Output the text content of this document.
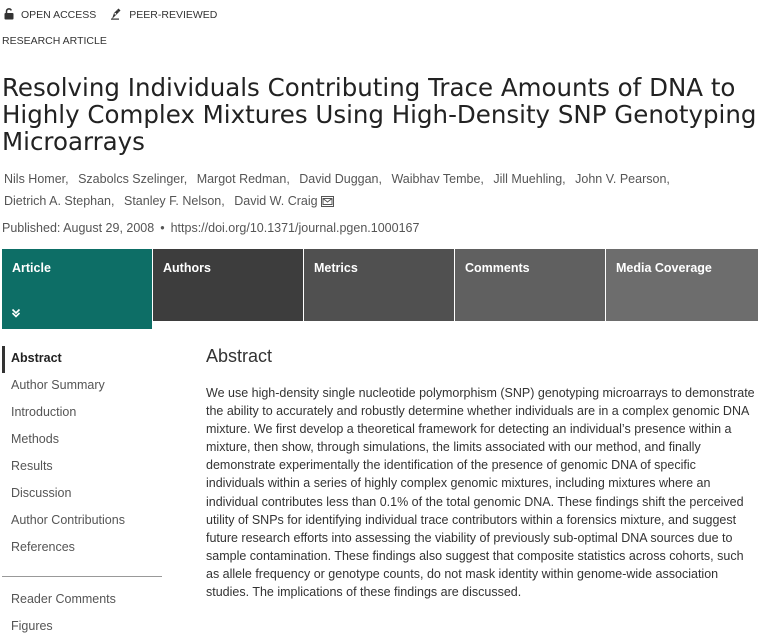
OPEN ACCESS	PEER-REVIEWED
RESEARCH ARTICLE
Resolving Individuals Contributing Trace Amounts of DNA to Highly Complex Mixtures Using High-Density SNP Genotyping Microarrays
Nils Homer, Szabolcs Szelinger, Margot Redman, David Duggan, Waibhav Tembe, Jill Muehling, John V. Pearson,
Dietrich A. Stephan, Stanley F. Nelson, David W. Craig
Published: August 29, 2008 • https://doi.org/10.1371/journal.pgen.1000167
Article	Authors	Metrics	Comments	Media Coverage
Abstract
Author Summary
Introduction
Methods
Results
Discussion
Author Contributions
References
Reader Comments
Figures
Abstract

We use high-density single nucleotide polymorphism (SNP) genotyping microarrays to demonstrate the ability to accurately and robustly determine whether individuals are in a complex genomic DNA mixture. We first develop a theoretical framework for detecting an individual’s presence within a mixture, then show, through simulations, the limits associated with our method, and finally demonstrate experimentally the identification of the presence of genomic DNA of specific individuals within a series of highly complex genomic mixtures, including mixtures where an individual contributes less than 0.1% of the total genomic DNA. These findings shift the perceived utility of SNPs for identifying individual trace contributors within a forensics mixture, and suggest future research efforts into assessing the viability of previously sub-optimal DNA sources due to sample contamination. These findings also suggest that composite statistics across cohorts, such as allele frequency or genotype counts, do not mask identity within genome-wide association studies. The implications of these findings are discussed.
